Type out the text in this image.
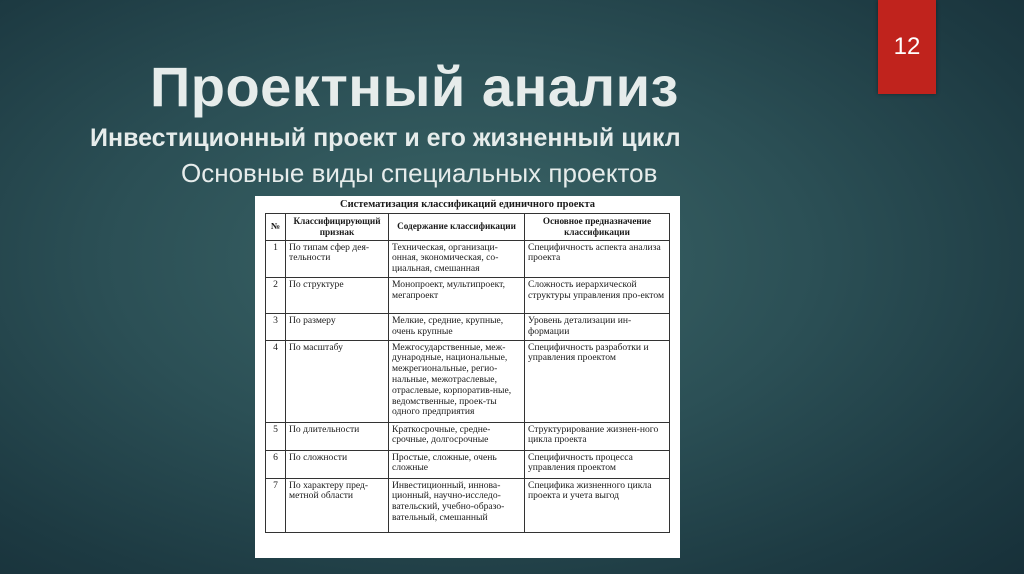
12
Проектный анализ
Инвестиционный проект и его жизненный цикл
Основные виды специальных проектов
Систематизация классификаций единичного проекта
№	Классифицирующий признак	Содержание классификации	Основное предназначение классификации
1	По типам сфер дея-тельности	Техническая, организаци-онная, экономическая, со-циальная, смешанная	Специфичность аспекта анализа проекта
2	По структуре	Монопроект, мультипроект, мегапроект	Сложность иерархической структуры управления про-ектом
3	По размеру	Мелкие, средние, крупные, очень крупные	Уровень детализации ин-формации
4	По масштабу	Межгосударственные, меж-дународные, национальные, межрегиональные, регио-нальные, межотраслевые, отраслевые, корпоратив-ные, ведомственные, проек-ты одного предприятия	Специфичность разработки и управления проектом
5	По длительности	Краткосрочные, средне-срочные, долгосрочные	Структурирование жизнен-ного цикла проекта
6	По сложности	Простые, сложные, очень сложные	Специфичность процесса управления проектом
7	По характеру пред-метной области	Инвестиционный, иннова-ционный, научно-исследо-вательский, учебно-образо-вательный, смешанный	Специфика жизненного цикла проекта и учета выгод
